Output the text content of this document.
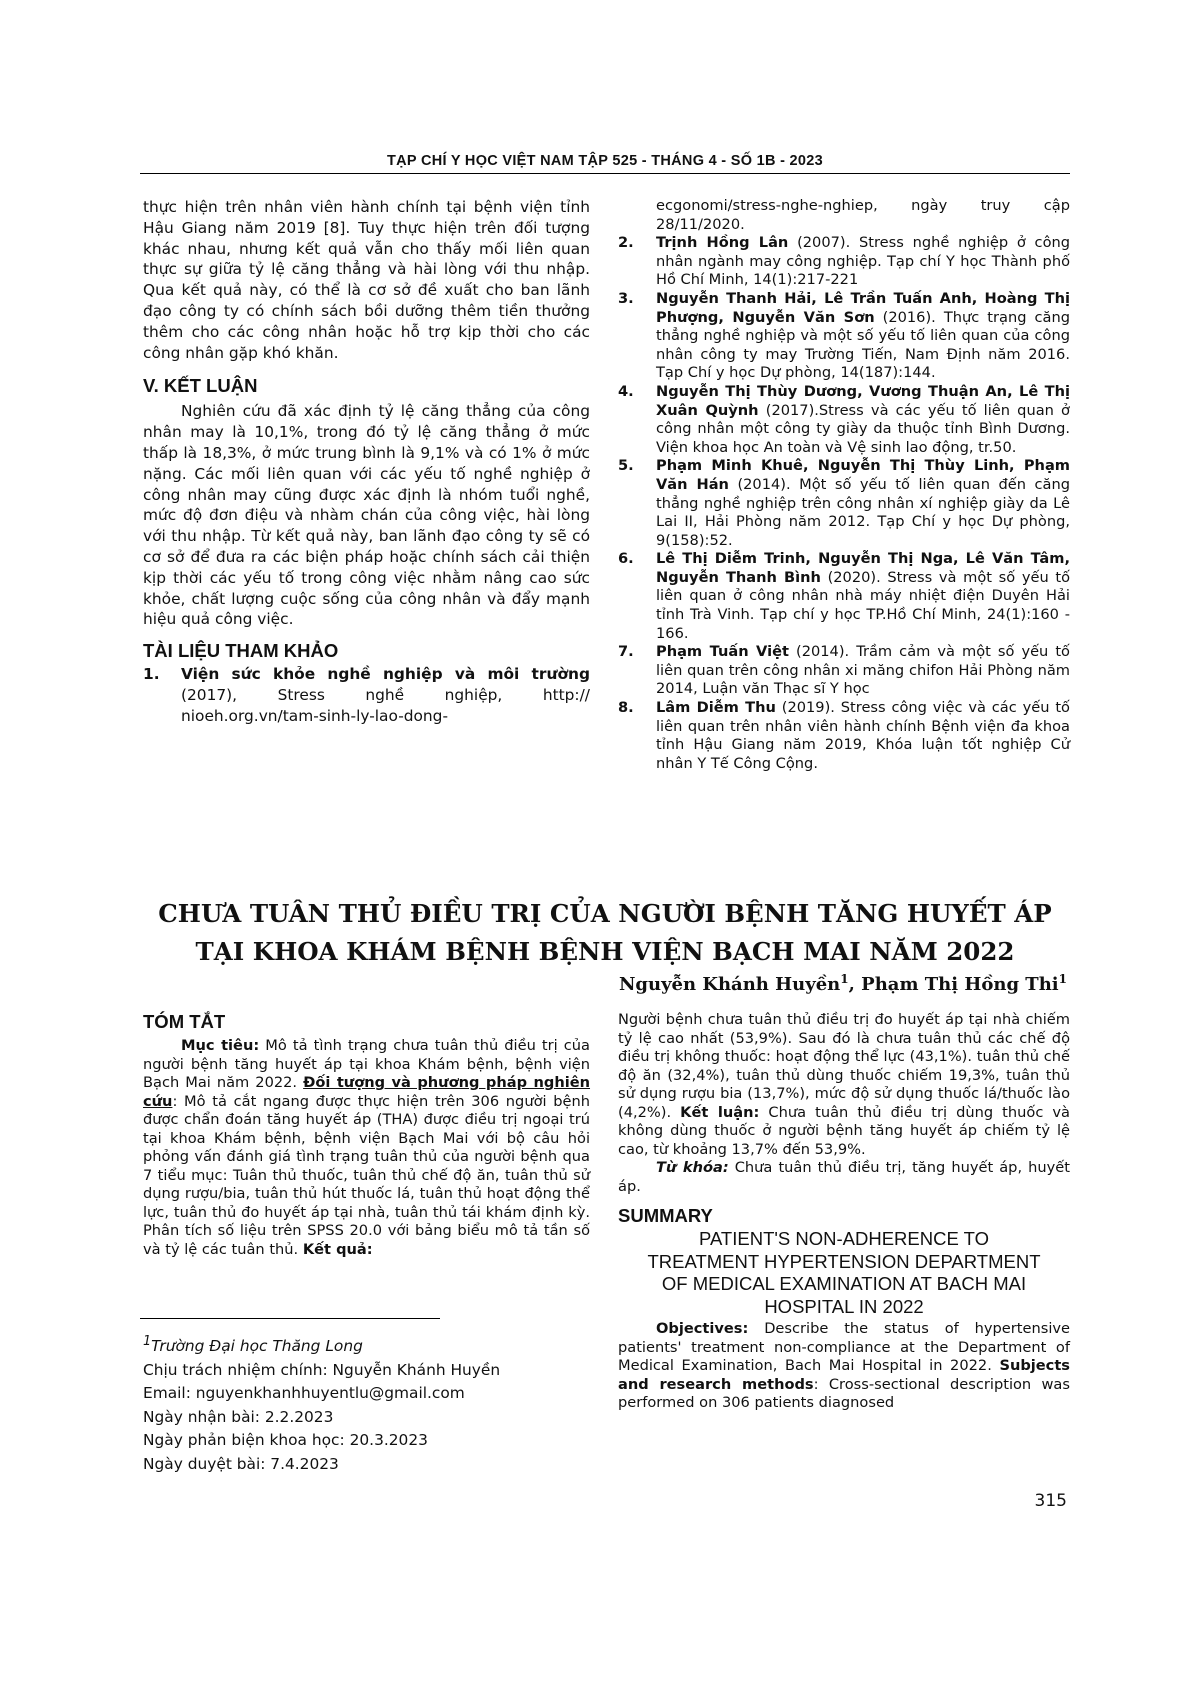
TẠP CHÍ Y HỌC VIỆT NAM TẬP 525 - THÁNG 4 - SỐ 1B - 2023

thực hiện trên nhân viên hành chính tại bệnh viện tỉnh Hậu Giang năm 2019 [8]. Tuy thực hiện trên đối tượng khác nhau, nhưng kết quả vẫn cho thấy mối liên quan thực sự giữa tỷ lệ căng thẳng và hài lòng với thu nhập. Qua kết quả này, có thể là cơ sở đề xuất cho ban lãnh đạo công ty có chính sách bồi dưỡng thêm tiền thưởng thêm cho các công nhân hoặc hỗ trợ kịp thời cho các công nhân gặp khó khăn.

V. KẾT LUẬN

Nghiên cứu đã xác định tỷ lệ căng thẳng của công nhân may là 10,1%, trong đó tỷ lệ căng thẳng ở mức thấp là 18,3%, ở mức trung bình là 9,1% và có 1% ở mức nặng. Các mối liên quan với các yếu tố nghề nghiệp ở công nhân may cũng được xác định là nhóm tuổi nghề, mức độ đơn điệu và nhàm chán của công việc, hài lòng với thu nhập. Từ kết quả này, ban lãnh đạo công ty sẽ có cơ sở để đưa ra các biện pháp hoặc chính sách cải thiện kịp thời các yếu tố trong công việc nhằm nâng cao sức khỏe, chất lượng cuộc sống của công nhân và đẩy mạnh hiệu quả công việc.

TÀI LIỆU THAM KHẢO

1. Viện sức khỏe nghề nghiệp và môi trường (2017), Stress nghề nghiệp, http:// nioeh.org.vn/tam-sinh-ly-lao-dong-

ecgonomi/stress-nghe-nghiep, ngày truy cập 28/11/2020.

2. Trịnh Hồng Lân (2007). Stress nghề nghiệp ở công nhân ngành may công nghiệp. Tạp chí Y học Thành phố Hồ Chí Minh, 14(1):217-221
3. Nguyễn Thanh Hải, Lê Trần Tuấn Anh, Hoàng Thị Phượng, Nguyễn Văn Sơn (2016). Thực trạng căng thẳng nghề nghiệp và một số yếu tố liên quan của công nhân công ty may Trường Tiến, Nam Định năm 2016. Tạp Chí y học Dự phòng, 14(187):144.
4. Nguyễn Thị Thùy Dương, Vương Thuận An, Lê Thị Xuân Quỳnh (2017).Stress và các yếu tố liên quan ở công nhân một công ty giày da thuộc tỉnh Bình Dương. Viện khoa học An toàn và Vệ sinh lao động, tr.50.
5. Phạm Minh Khuê, Nguyễn Thị Thùy Linh, Phạm Văn Hán (2014). Một số yếu tố liên quan đến căng thẳng nghề nghiệp trên công nhân xí nghiệp giày da Lê Lai II, Hải Phòng năm 2012. Tạp Chí y học Dự phòng, 9(158):52.
6. Lê Thị Diễm Trinh, Nguyễn Thị Nga, Lê Văn Tâm, Nguyễn Thanh Bình (2020). Stress và một số yếu tố liên quan ở công nhân nhà máy nhiệt điện Duyên Hải tỉnh Trà Vinh. Tạp chí y học TP.Hồ Chí Minh, 24(1):160 - 166.
7. Phạm Tuấn Việt (2014). Trầm cảm và một số yếu tố liên quan trên công nhân xi măng chifon Hải Phòng năm 2014, Luận văn Thạc sĩ Y học
8. Lâm Diễm Thu (2019). Stress công việc và các yếu tố liên quan trên nhân viên hành chính Bệnh viện đa khoa tỉnh Hậu Giang năm 2019, Khóa luận tốt nghiệp Cử nhân Y Tế Công Cộng.
CHƯA TUÂN THỦ ĐIỀU TRỊ CỦA NGƯỜI BỆNH TĂNG HUYẾT ÁP
TẠI KHOA KHÁM BỆNH BỆNH VIỆN BẠCH MAI NĂM 2022
Nguyễn Khánh Huyền$^1$, Phạm Thị Hồng Thi$^1$

TÓM TẮT

Mục tiêu: Mô tả tình trạng chưa tuân thủ điều trị của người bệnh tăng huyết áp tại khoa Khám bệnh, bệnh viện Bạch Mai năm 2022. Đối tượng và phương pháp nghiên cứu: Mô tả cắt ngang được thực hiện trên 306 người bệnh được chẩn đoán tăng huyết áp (THA) được điều trị ngoại trú tại khoa Khám bệnh, bệnh viện Bạch Mai với bộ câu hỏi phỏng vấn đánh giá tình trạng tuân thủ của người bệnh qua 7 tiểu mục: Tuân thủ thuốc, tuân thủ chế độ ăn, tuân thủ sử dụng rượu/bia, tuân thủ hút thuốc lá, tuân thủ hoạt động thể lực, tuân thủ đo huyết áp tại nhà, tuân thủ tái khám định kỳ. Phân tích số liệu trên SPSS 20.0 với bảng biểu mô tả tần số và tỷ lệ các tuân thủ. Kết quả:

Người bệnh chưa tuân thủ điều trị đo huyết áp tại nhà chiếm tỷ lệ cao nhất (53,9%). Sau đó là chưa tuân thủ các chế độ điều trị không thuốc: hoạt động thể lực (43,1%). tuân thủ chế độ ăn (32,4%), tuân thủ dùng thuốc chiếm 19,3%, tuân thủ sử dụng rượu bia (13,7%), mức độ sử dụng thuốc lá/thuốc lào (4,2%). Kết luận: Chưa tuân thủ điều trị dùng thuốc và không dùng thuốc ở người bệnh tăng huyết áp chiếm tỷ lệ cao, từ khoảng 13,7% đến 53,9%.

Từ khóa: Chưa tuân thủ điều trị, tăng huyết áp, huyết áp.

SUMMARY

PATIENT'S NON-ADHERENCE TO

TREATMENT HYPERTENSION DEPARTMENT

OF MEDICAL EXAMINATION AT BACH MAI

HOSPITAL IN 2022

Objectives: Describe the status of hypertensive patients' treatment non-compliance at the Department of Medical Examination, Bach Mai Hospital in 2022. Subjects and research methods: Cross-sectional description was performed on 306 patients diagnosed

$^1$Trường Đại học Thăng Long
Chịu trách nhiệm chính: Nguyễn Khánh Huyền
Email: nguyenkhanhhuyentlu@gmail.com
Ngày nhận bài: 2.2.2023
Ngày phản biện khoa học: 20.3.2023
Ngày duyệt bài: 7.4.2023
315
